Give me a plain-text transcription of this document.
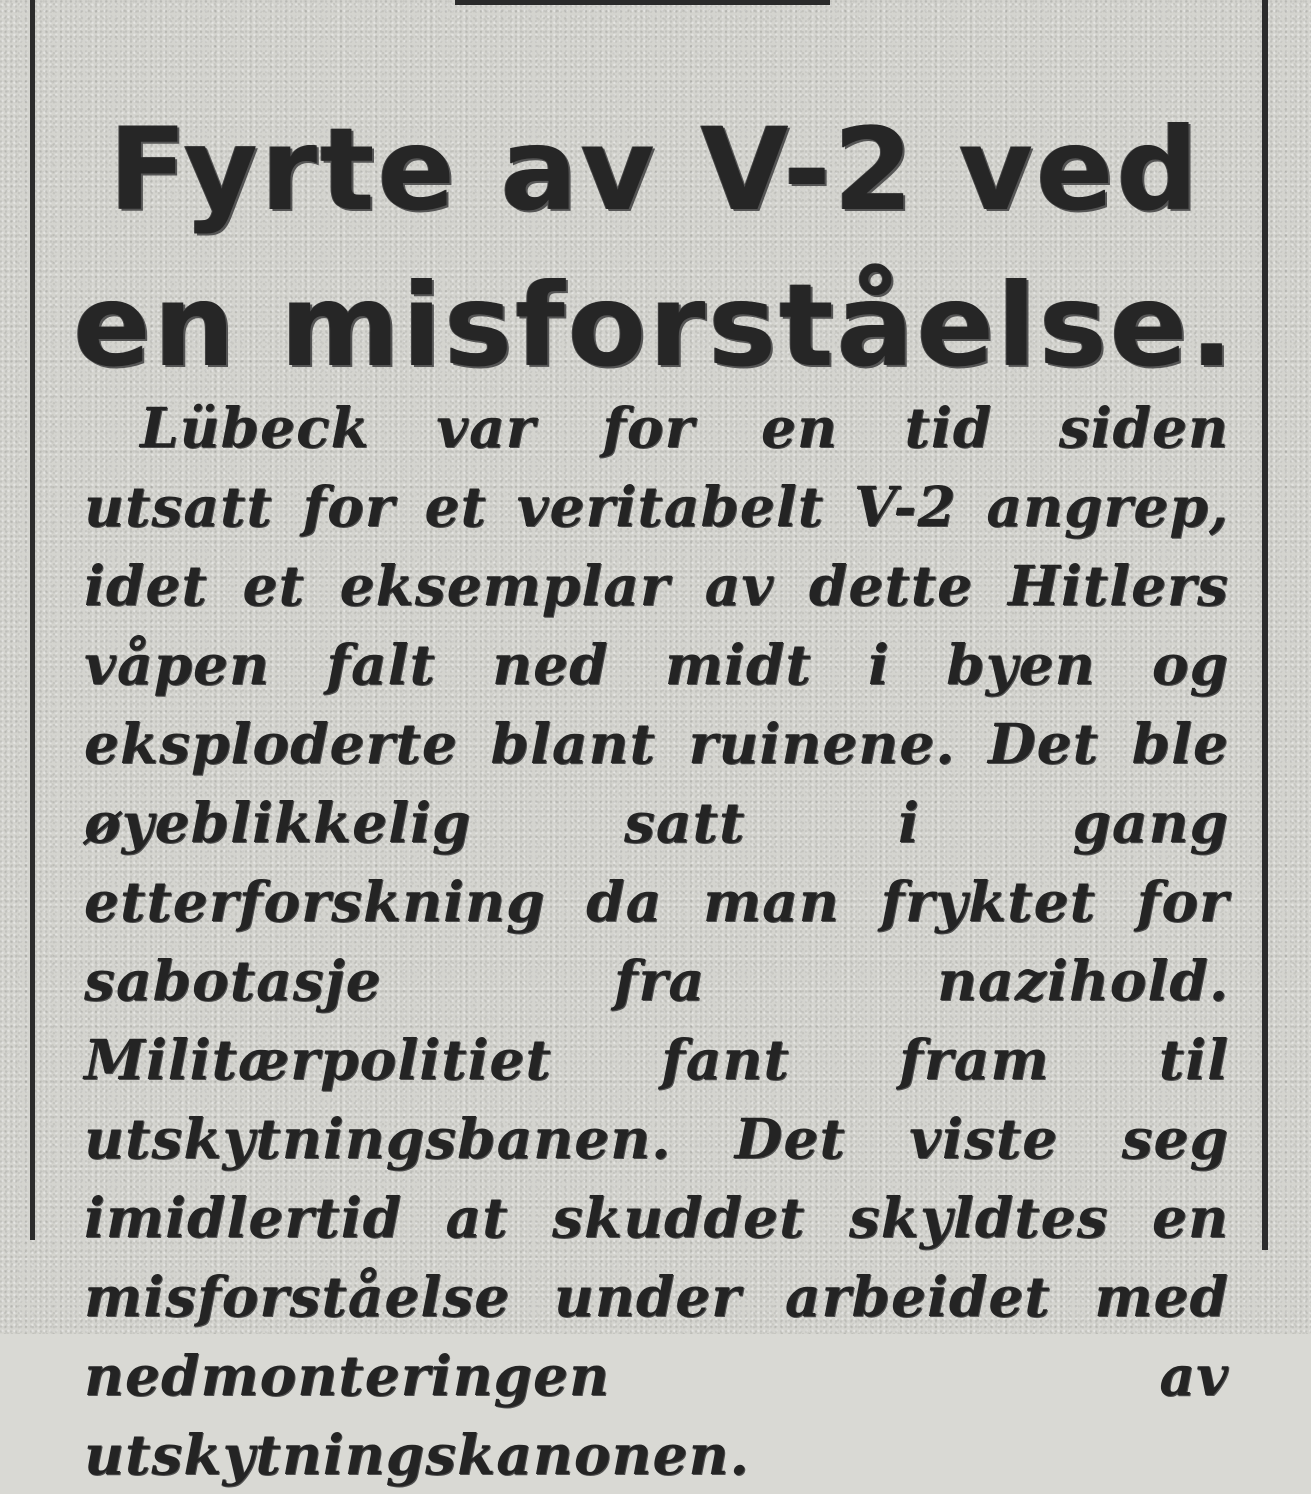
Fyrte av V-2 ved en misforståelse.

Lübeck var for en tid siden utsatt for et veritabelt V-2 angrep, idet et eksemplar av dette Hitlers våpen falt ned midt i byen og eksploderte blant ruinene. Det ble øyeblikkelig satt i gang etterforskning da man fryktet for sabotasje fra nazihold. Militærpolitiet fant fram til utskytningsbanen. Det viste seg imidlertid at skuddet skyldtes en misforståelse under arbeidet med nedmonteringen av utskytningskanonen.
